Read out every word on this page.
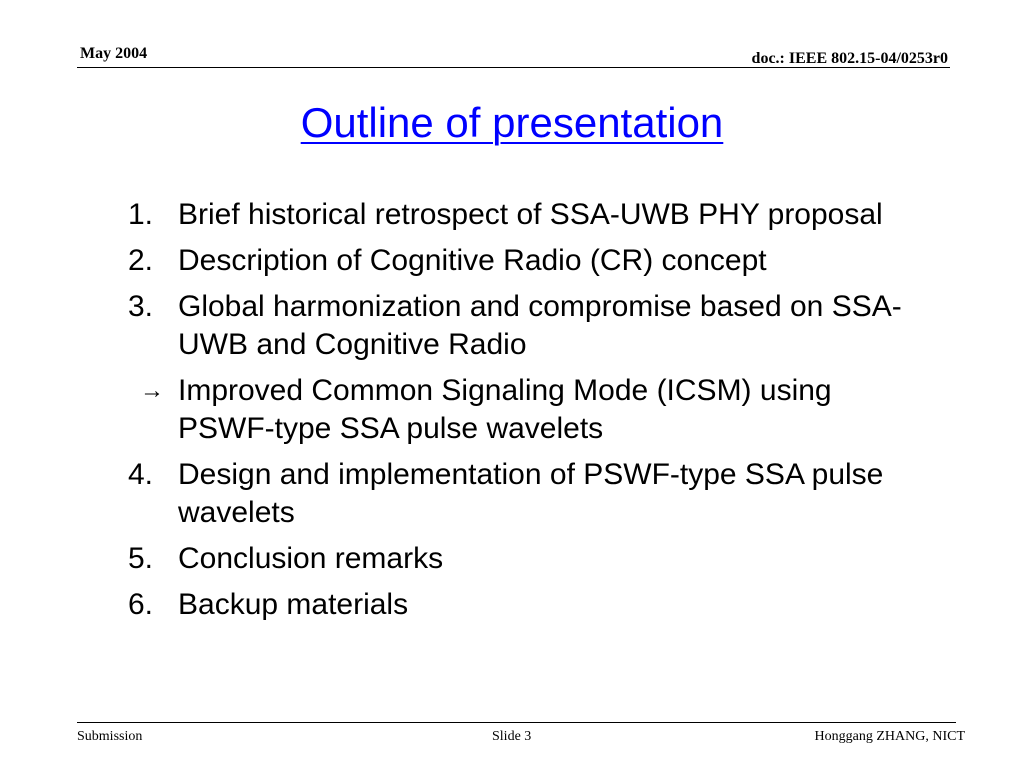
May 2004	doc.: IEEE 802.15-04/0253r0
Outline of presentation
1. Brief historical retrospect of SSA-UWB PHY proposal
2. Description of Cognitive Radio (CR) concept
3. Global harmonization and compromise based on SSA-UWB and Cognitive Radio
→ Improved Common Signaling Mode (ICSM) using PSWF-type SSA pulse wavelets
4. Design and implementation of PSWF-type SSA pulse wavelets
5. Conclusion remarks
6. Backup materials
Submission	Slide 3	Honggang ZHANG, NICT
